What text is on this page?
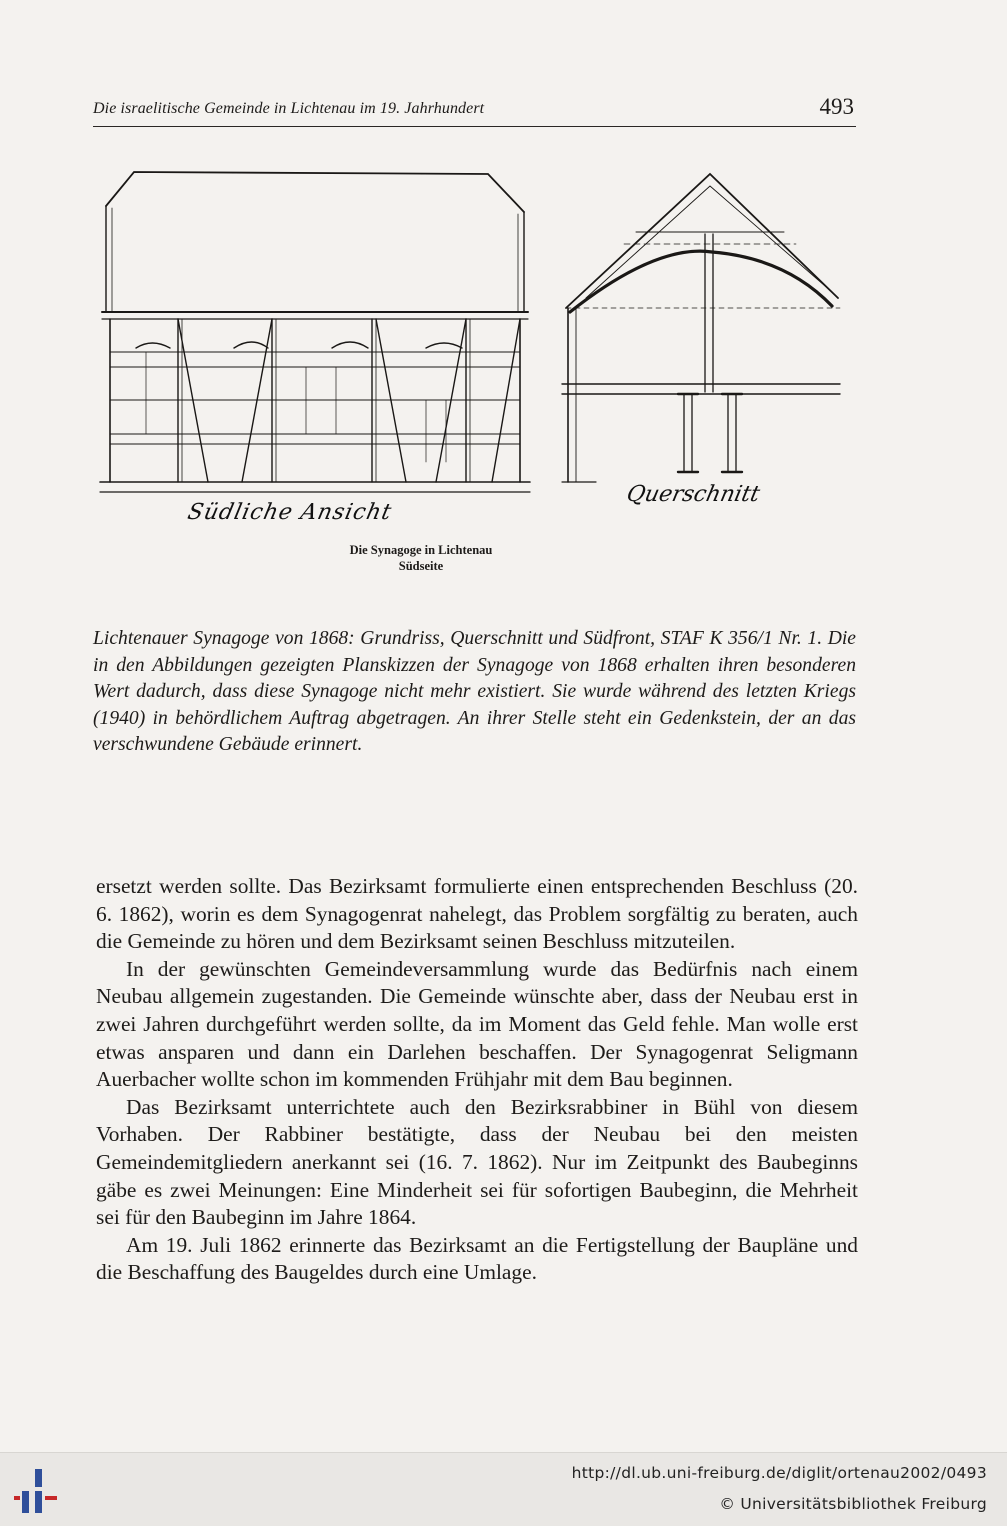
Die israelitische Gemeinde in Lichtenau im 19. Jahrhundert	493
Südliche Ansicht
Querschnitt
Die Synagoge in Lichtenau
Südseite
Lichtenauer Synagoge von 1868: Grundriss, Querschnitt und Südfront, STAF K 356/1 Nr. 1. Die in den Abbildungen gezeigten Planskizzen der Synagoge von 1868 erhalten ihren besonderen Wert dadurch, dass diese Synagoge nicht mehr existiert. Sie wurde während des letzten Kriegs (1940) in behördlichem Auftrag abgetragen. An ihrer Stelle steht ein Gedenkstein, der an das verschwundene Gebäude erinnert.

ersetzt werden sollte. Das Bezirksamt formulierte einen entsprechenden Beschluss (20. 6. 1862), worin es dem Synagogenrat nahelegt, das Problem sorgfältig zu beraten, auch die Gemeinde zu hören und dem Bezirksamt seinen Beschluss mitzuteilen.

In der gewünschten Gemeindeversammlung wurde das Bedürfnis nach einem Neubau allgemein zugestanden. Die Gemeinde wünschte aber, dass der Neubau erst in zwei Jahren durchgeführt werden sollte, da im Moment das Geld fehle. Man wolle erst etwas ansparen und dann ein Darlehen beschaffen. Der Synagogenrat Seligmann Auerbacher wollte schon im kommenden Frühjahr mit dem Bau beginnen.

Das Bezirksamt unterrichtete auch den Bezirksrabbiner in Bühl von diesem Vorhaben. Der Rabbiner bestätigte, dass der Neubau bei den meisten Gemeindemitgliedern anerkannt sei (16. 7. 1862). Nur im Zeitpunkt des Baubeginns gäbe es zwei Meinungen: Eine Minderheit sei für sofortigen Baubeginn, die Mehrheit sei für den Baubeginn im Jahre 1864.

Am 19. Juli 1862 erinnerte das Bezirksamt an die Fertigstellung der Baupläne und die Beschaffung des Baugeldes durch eine Umlage.

http://dl.ub.uni-freiburg.de/diglit/ortenau2002/0493
© Universitätsbibliothek Freiburg
